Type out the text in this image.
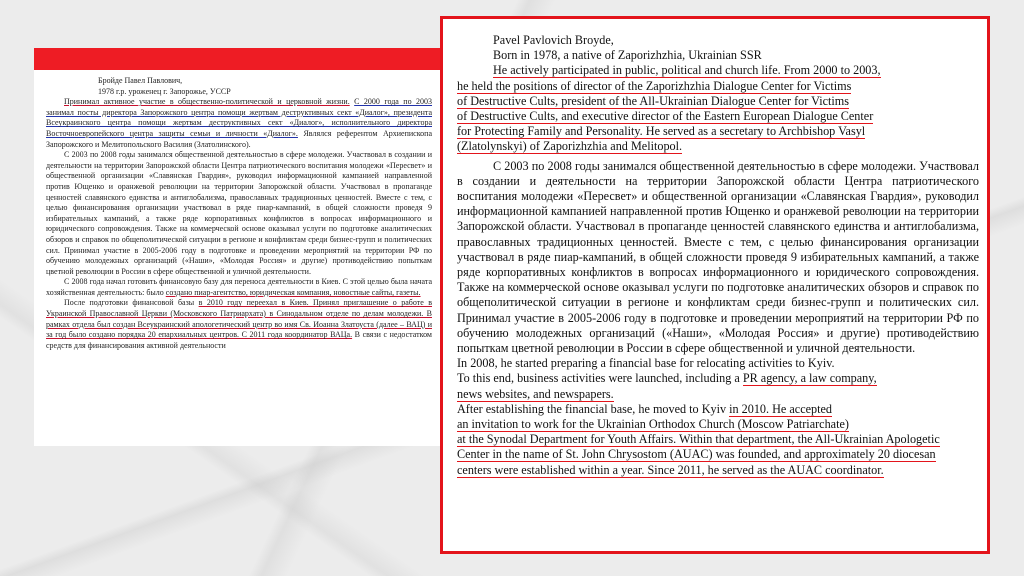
Бройде Павел Павлович,

1978 г.р. уроженец г. Запорожье, УССР

Принимал активное участие в общественно-политической и церковной жизни. С 2000 года по 2003 занимал посты директора Запорожского центра помощи жертвам деструктивных сект «Диалог», президента Всеукраинского центра помощи жертвам деструктивных сект «Диалог», исполнительного директора Восточноевропейского центра защиты семьи и личности «Диалог». Являлся референтом Архиепископа Запорожского и Мелитопольского Василия (Златолинского).

С 2003 по 2008 годы занимался общественной деятельностью в сфере молодежи. Участвовал в создании и деятельности на территории Запорожской области Центра патриотического воспитания молодежи «Пересвет» и общественной организации «Славянская Гвардия», руководил информационной кампанией направленной против Ющенко и оранжевой революции на территории Запорожской области. Участвовал в пропаганде ценностей славянского единства и антиглобализма, православных традиционных ценностей. Вместе с тем, с целью финансирования организации участвовал в ряде пиар-кампаний, в общей сложности проведя 9 избирательных кампаний, а также ряде корпоративных конфликтов в вопросах информационного и юридического сопровождения. Также на коммерческой основе оказывал услуги по подготовке аналитических обзоров и справок по общеполитической ситуации в регионе и конфликтам среди бизнес-групп и политических сил. Принимал участие в 2005-2006 году в подготовке и проведении мероприятий на территории РФ по обучению молодежных организаций («Наши», «Молодая Россия» и другие) противодействию попыткам цветной революции в России в сфере общественной и уличной деятельности.

С 2008 года начал готовить финансовую базу для переноса деятельности в Киев. С этой целью была начата хозяйственная деятельность: было создано пиар-агентство, юридическая компания, новостные сайты, газеты.

После подготовки финансовой базы в 2010 году переехал в Киев. Принял приглашение о работе в Украинской Православной Церкви (Московского Патриархата) в Синодальном отделе по делам молодежи. В рамках отдела был создан Всеукраинский апологетический центр во имя Св. Иоанна Златоуста (далее – ВАЦ) и за год было создано порядка 20 епархиальных центров. С 2011 года координатор ВАЦа. В связи с недостатком средств для финансирования активной деятельности

Pavel Pavlovich Broyde,

Born in 1978, a native of Zaporizhzhia, Ukrainian SSR

He actively participated in public, political and church life. From 2000 to 2003,

he held the positions of director of the Zaporizhzhia Dialogue Center for Victims

of Destructive Cults, president of the All-Ukrainian Dialogue Center for Victims

of Destructive Cults, and executive director of the Eastern European Dialogue Center

for Protecting Family and Personality. He served as a secretary to Archbishop Vasyl

(Zlatolynskyi) of Zaporizhzhia and Melitopol.

С 2003 по 2008 годы занимался общественной деятельностью в сфере молодежи. Участвовал в создании и деятельности на территории Запорожской области Центра патриотического воспитания молодежи «Пересвет» и общественной организации «Славянская Гвардия», руководил информационной кампанией направленной против Ющенко и оранжевой революции на территории Запорожской области. Участвовал в пропаганде ценностей славянского единства и антиглобализма, православных традиционных ценностей. Вместе с тем, с целью финансирования организации участвовал в ряде пиар-кампаний, в общей сложности проведя 9 избирательных кампаний, а также ряде корпоративных конфликтов в вопросах информационного и юридического сопровождения. Также на коммерческой основе оказывал услуги по подготовке аналитических обзоров и справок по общеполитической ситуации в регионе и конфликтам среди бизнес-групп и политических сил. Принимал участие в 2005-2006 году в подготовке и проведении мероприятий на территории РФ по обучению молодежных организаций («Наши», «Молодая Россия» и другие) противодействию попыткам цветной революции в России в сфере общественной и уличной деятельности.

In 2008, he started preparing a financial base for relocating activities to Kyiv.

To this end, business activities were launched, including a PR agency, a law company,

news websites, and newspapers.

After establishing the financial base, he moved to Kyiv in 2010. He accepted

an invitation to work for the Ukrainian Orthodox Church (Moscow Patriarchate)

at the Synodal Department for Youth Affairs. Within that department, the All-Ukrainian Apologetic

Center in the name of St. John Chrysostom (AUAC) was founded, and approximately 20 diocesan

centers were established within a year. Since 2011, he served as the AUAC coordinator.
